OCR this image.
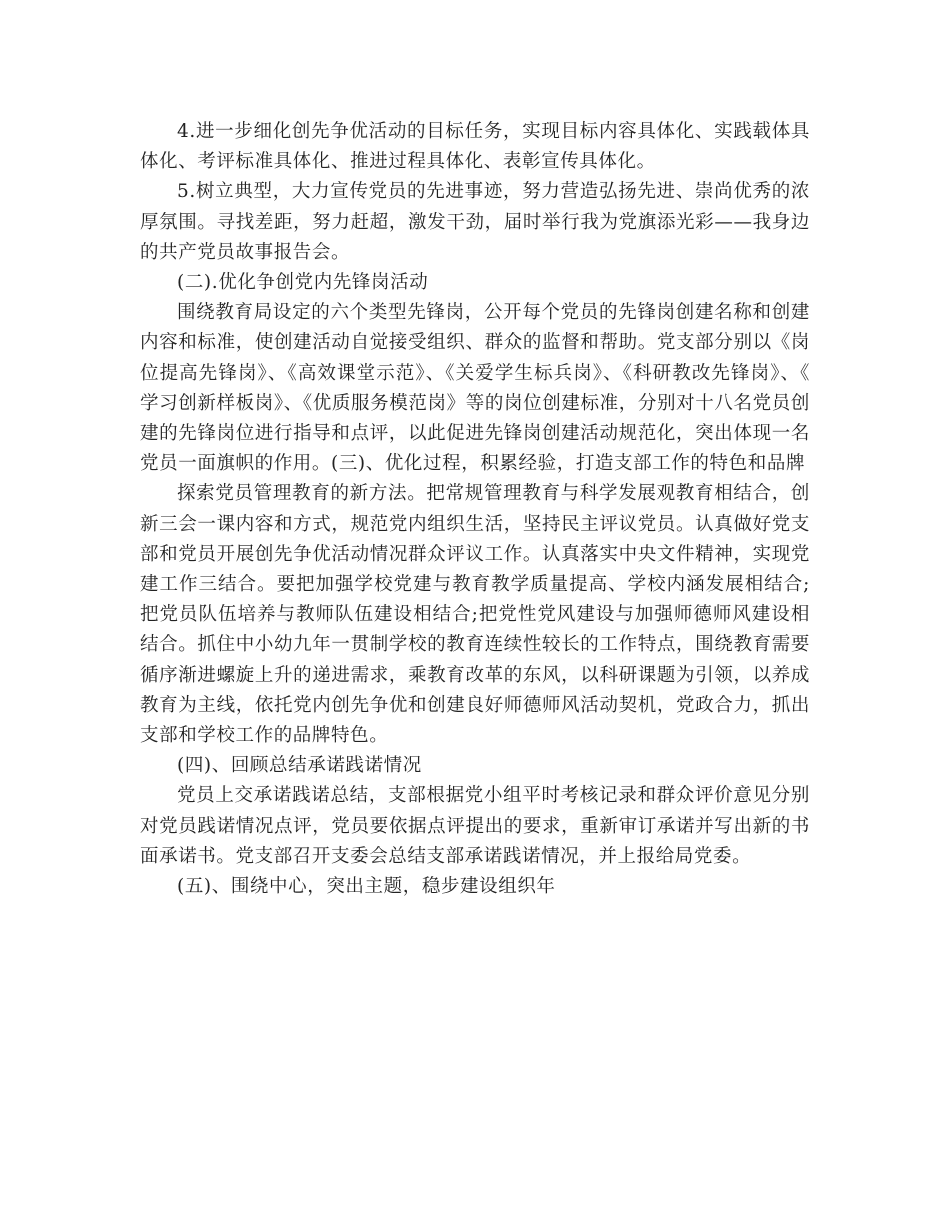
4.进一步细化创先争优活动的目标任务，实现目标内容具体化、实践载体具体化、考评标准具体化、推进过程具体化、表彰宣传具体化。

5.树立典型，大力宣传党员的先进事迹，努力营造弘扬先进、崇尚优秀的浓厚氛围。寻找差距，努力赶超，激发干劲，届时举行我为党旗添光彩——我身边的共产党员故事报告会。

(二).优化争创党内先锋岗活动

围绕教育局设定的六个类型先锋岗，公开每个党员的先锋岗创建名称和创建内容和标准，使创建活动自觉接受组织、群众的监督和帮助。党支部分别以《岗位提高先锋岗》、《高效课堂示范》、《关爱学生标兵岗》、《科研教改先锋岗》、《学习创新样板岗》、《优质服务模范岗》等的岗位创建标准，分别对十八名党员创建的先锋岗位进行指导和点评，以此促进先锋岗创建活动规范化，突出体现一名党员一面旗帜的作用。(三)、优化过程，积累经验，打造支部工作的特色和品牌

探索党员管理教育的新方法。把常规管理教育与科学发展观教育相结合，创新三会一课内容和方式，规范党内组织生活，坚持民主评议党员。认真做好党支部和党员开展创先争优活动情况群众评议工作。认真落实中央文件精神，实现党建工作三结合。要把加强学校党建与教育教学质量提高、学校内涵发展相结合;把党员队伍培养与教师队伍建设相结合;把党性党风建设与加强师德师风建设相结合。抓住中小幼九年一贯制学校的教育连续性较长的工作特点，围绕教育需要循序渐进螺旋上升的递进需求，乘教育改革的东风，以科研课题为引领，以养成教育为主线，依托党内创先争优和创建良好师德师风活动契机，党政合力，抓出支部和学校工作的品牌特色。

(四)、回顾总结承诺践诺情况

党员上交承诺践诺总结，支部根据党小组平时考核记录和群众评价意见分别对党员践诺情况点评，党员要依据点评提出的要求，重新审订承诺并写出新的书面承诺书。党支部召开支委会总结支部承诺践诺情况，并上报给局党委。

(五)、围绕中心，突出主题，稳步建设组织年
